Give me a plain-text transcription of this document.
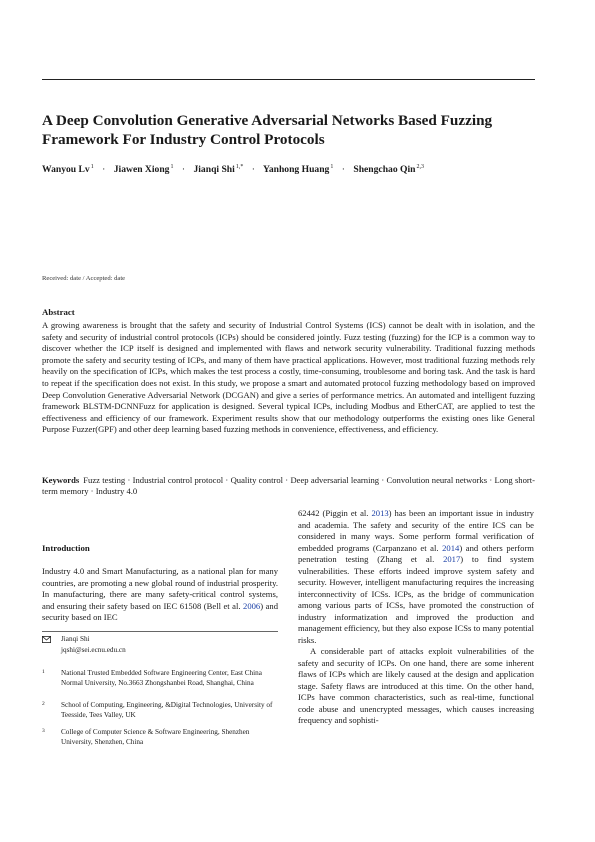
A Deep Convolution Generative Adversarial Networks Based Fuzzing Framework For Industry Control Protocols
Wanyou $Lv^1$ · Jiawen Xiong$^1$ · Jianqi Shi$^{1,*}$ · Yanhong Huang$^1$ · Shengchao Qin$^{2,3}$
Received: date / Accepted: date
Abstract

A growing awareness is brought that the safety and security of Industrial Control Systems (ICS) cannot be dealt with in isolation, and the safety and security of industrial control protocols (ICPs) should be considered jointly. Fuzz testing (fuzzing) for the ICP is a common way to discover whether the ICP itself is designed and implemented with flaws and network security vulnerability. Traditional fuzzing methods promote the safety and security testing of ICPs, and many of them have practical applications. However, most traditional fuzzing methods rely heavily on the specification of ICPs, which makes the test process a costly, time-consuming, troublesome and boring task. And the task is hard to repeat if the specification does not exist. In this study, we propose a smart and automated protocol fuzzing methodology based on improved Deep Convolution Generative Adversarial Network (DCGAN) and give a series of performance metrics. An automated and intelligent fuzzing framework BLSTM-DCNNFuzz for application is designed. Several typical ICPs, including Modbus and EtherCAT, are applied to test the effectiveness and efficiency of our framework. Experiment results show that our methodology outperforms the existing ones like General Purpose Fuzzer(GPF) and other deep learning based fuzzing methods in convenience, effectiveness, and efficiency.

Keywords Fuzz testing · Industrial control protocol · Quality control · Deep adversarial learning · Convolution neural networks · Long short-term memory · Industry 4.0

Introduction

Industry 4.0 and Smart Manufacturing, as a national plan for many countries, are promoting a new global round of industrial prosperity. In manufacturing, there are many safety-critical control systems, and ensuring their safety based on IEC 61508 (Bell et al. 2006) and security based on IEC

62442 (Piggin et al. 2013) has been an important issue in industry and academia. The safety and security of the entire ICS can be considered in many ways. Some perform formal verification of embedded programs (Carpanzano et al. 2014) and others perform penetration testing (Zhang et al. 2017) to find system vulnerabilities. These efforts indeed improve system safety and security. However, intelligent manufacturing requires the increasing interconnectivity of ICSs. ICPs, as the bridge of communication among various parts of ICSs, have promoted the construction of industry informatization and improved the production and management efficiency, but they also expose ICSs to many potential risks.

A considerable part of attacks exploit vulnerabilities of the safety and security of ICPs. On one hand, there are some inherent flaws of ICPs which are likely caused at the design and application stage. Safety flaws are introduced at this time. On the other hand, ICPs have common characteristics, such as real-time, functional code abuse and unencrypted messages, which causes increasing frequency and sophisti-

Jianqi Shi
jqshi@sei.ecnu.edu.cn
1 National Trusted Embedded Software Engineering Center, East China Normal University, No.3663 Zhongshanbei Road, Shanghai, China
2 School of Computing, Engineering, &Digital Technologies, University of Teesside, Tees Valley, UK
3 College of Computer Science & Software Engineering, Shenzhen University, Shenzhen, China
